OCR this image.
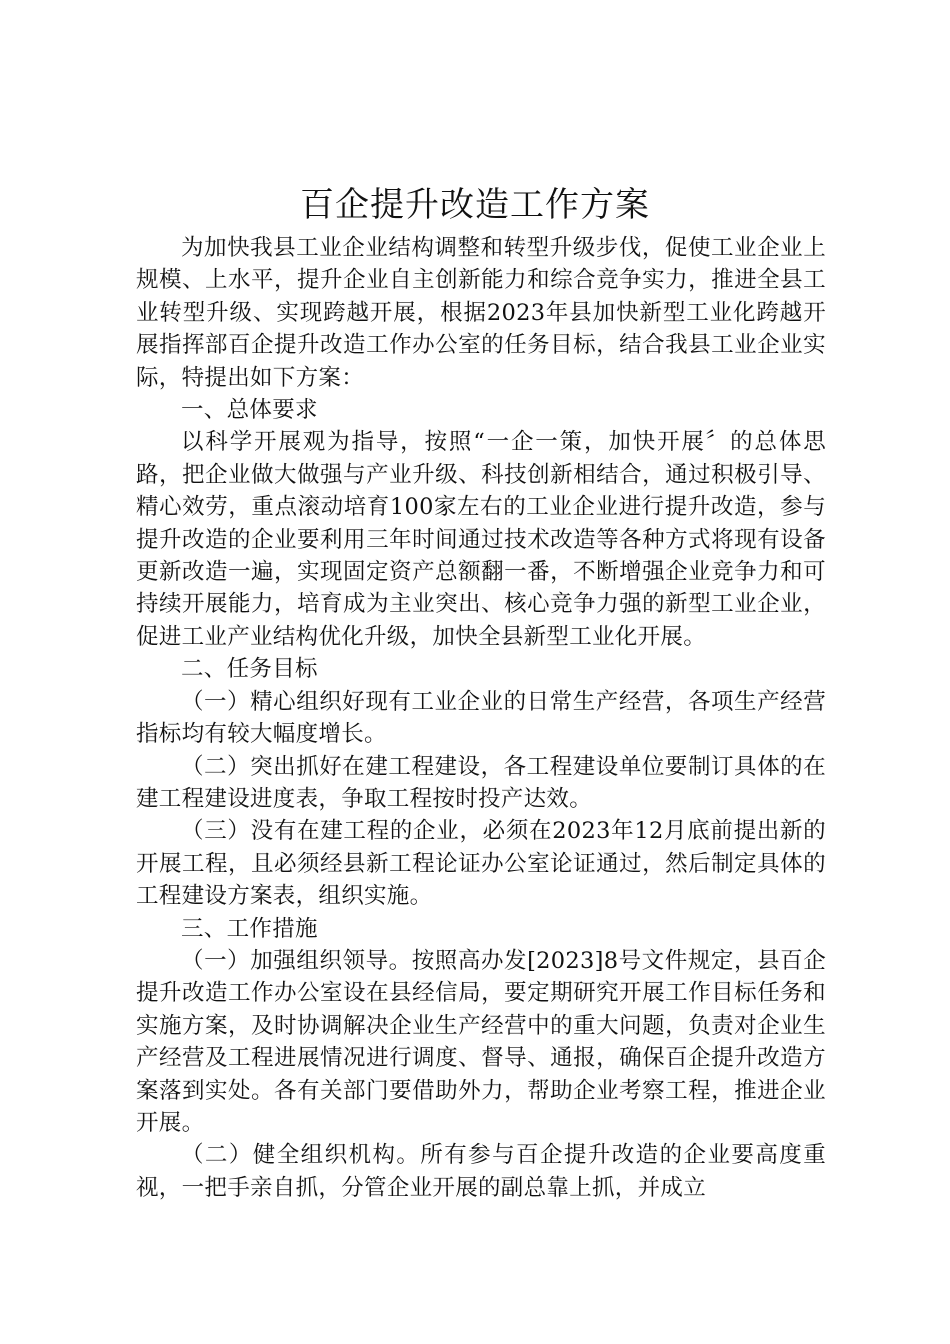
百企提升改造工作方案

为加快我县工业企业结构调整和转型升级步伐，促使工业企业上规模、上水平，提升企业自主创新能力和综合竞争实力，推进全县工业转型升级、实现跨越开展，根据2023年县加快新型工业化跨越开展指挥部百企提升改造工作办公室的任务目标，结合我县工业企业实际，特提出如下方案：

一、总体要求

以科学开展观为指导，按照“一企一策，加快开展〞的总体思路，把企业做大做强与产业升级、科技创新相结合，通过积极引导、精心效劳，重点滚动培育100家左右的工业企业进行提升改造，参与提升改造的企业要利用三年时间通过技术改造等各种方式将现有设备更新改造一遍，实现固定资产总额翻一番，不断增强企业竞争力和可持续开展能力，培育成为主业突出、核心竞争力强的新型工业企业，促进工业产业结构优化升级，加快全县新型工业化开展。

二、任务目标

（一）精心组织好现有工业企业的日常生产经营，各项生产经营指标均有较大幅度增长。

（二）突出抓好在建工程建设，各工程建设单位要制订具体的在建工程建设进度表，争取工程按时投产达效。

（三）没有在建工程的企业，必须在2023年12月底前提出新的开展工程，且必须经县新工程论证办公室论证通过，然后制定具体的工程建设方案表，组织实施。

三、工作措施

（一）加强组织领导。按照高办发[2023]8号文件规定，县百企提升改造工作办公室设在县经信局，要定期研究开展工作目标任务和实施方案，及时协调解决企业生产经营中的重大问题，负责对企业生产经营及工程进展情况进行调度、督导、通报，确保百企提升改造方案落到实处。各有关部门要借助外力，帮助企业考察工程，推进企业开展。

（二）健全组织机构。所有参与百企提升改造的企业要高度重视，一把手亲自抓，分管企业开展的副总靠上抓，并成立
